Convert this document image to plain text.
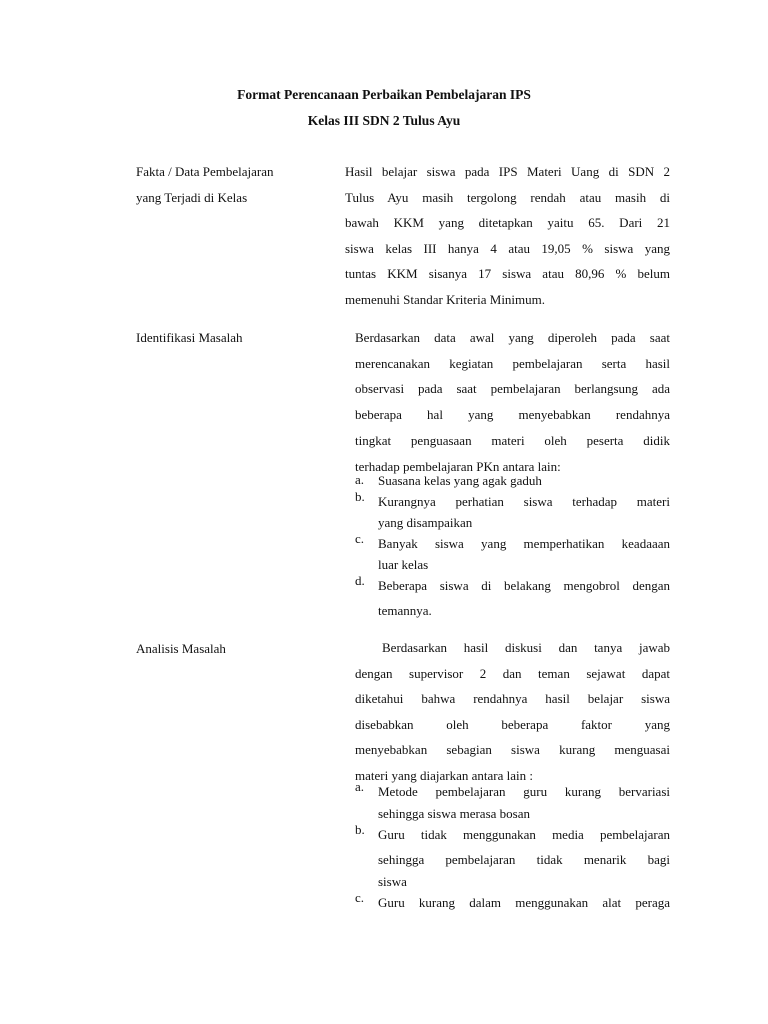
Format Perencanaan Perbaikan Pembelajaran IPS
Kelas III SDN 2 Tulus Ayu
Fakta / Data Pembelajaran
yang Terjadi di Kelas
Hasil belajar siswa pada IPS Materi Uang di SDN 2
Tulus Ayu masih tergolong rendah atau masih di
bawah KKM yang ditetapkan yaitu 65. Dari 21
siswa kelas III hanya 4 atau 19,05 % siswa yang
tuntas KKM sisanya 17 siswa atau 80,96 % belum
memenuhi Standar Kriteria Minimum.
Identifikasi Masalah	Berdasarkan data awal yang diperoleh pada saat
merencanakan kegiatan pembelajaran serta hasil
observasi pada saat pembelajaran berlangsung ada
beberapa hal yang menyebabkan rendahnya
tingkat penguasaan materi oleh peserta didik
terhadap pembelajaran PKn antara lain:
a. Suasana kelas yang agak gaduh
b. Kurangnya perhatian siswa terhadap materi
yang disampaikan
c. Banyak siswa yang memperhatikan keadaaan
luar kelas
d. Beberapa siswa di belakang mengobrol dengan
temannya.
Analisis Masalah	Berdasarkan hasil diskusi dan tanya jawab
dengan supervisor 2 dan teman sejawat dapat
diketahui bahwa rendahnya hasil belajar siswa
disebabkan oleh beberapa faktor yang
menyebabkan sebagian siswa kurang menguasai
materi yang diajarkan antara lain :
a. Metode pembelajaran guru kurang bervariasi
sehingga siswa merasa bosan
b. Guru tidak menggunakan media pembelajaran
sehingga pembelajaran tidak menarik bagi
siswa
c. Guru kurang dalam menggunakan alat peraga
